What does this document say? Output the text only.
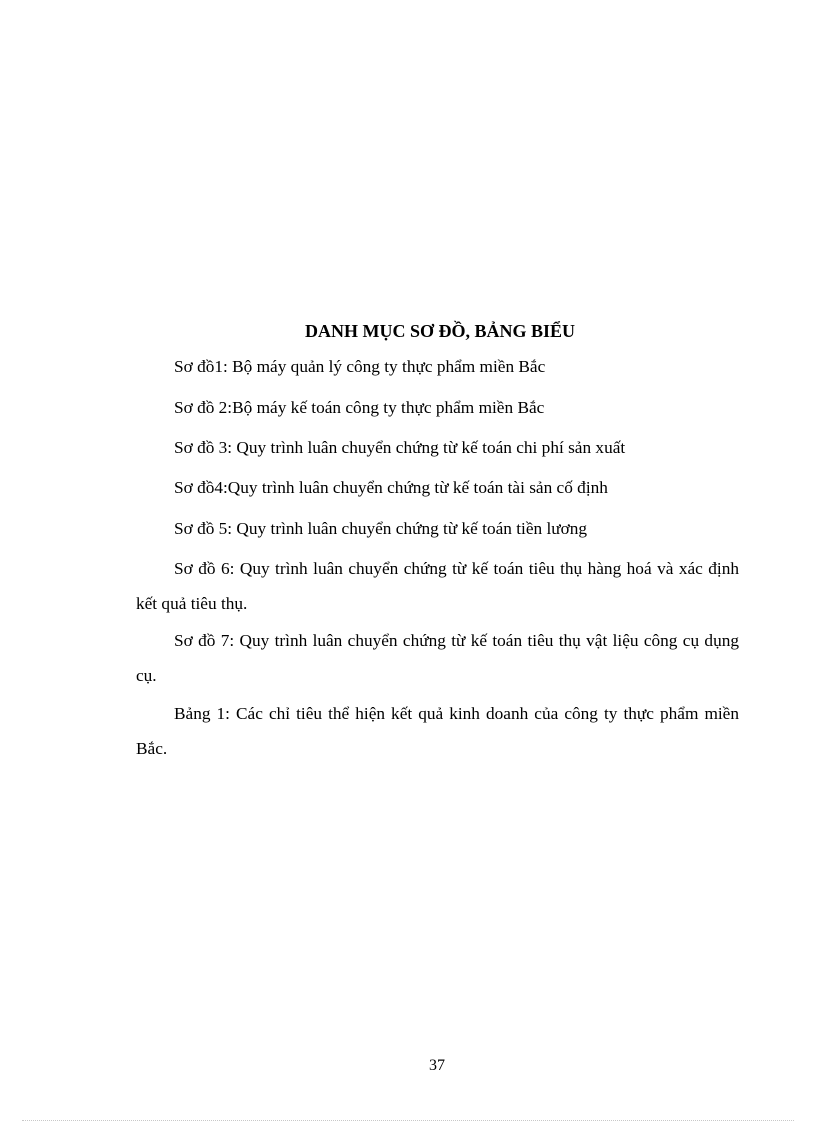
DANH MỤC SƠ ĐỒ, BẢNG BIỂU
Sơ đồ1: Bộ máy quản lý công ty thực phẩm miền Bắc
Sơ đồ 2:Bộ máy kế toán công ty thực phẩm miền Bắc
Sơ đồ 3: Quy trình luân chuyển chứng từ kế toán chi phí sản xuất
Sơ đồ4:Quy trình luân chuyển chứng từ kế toán tài sản cố định
Sơ đồ 5: Quy trình luân chuyển chứng từ kế toán tiền lương
Sơ đồ 6: Quy trình luân chuyển chứng từ kế toán tiêu thụ hàng hoá và xác định kết quả tiêu thụ.
Sơ đồ 7: Quy trình luân chuyển chứng từ kế toán tiêu thụ vật liệu công cụ dụng cụ.
Bảng 1: Các chỉ tiêu thể hiện kết quả kinh doanh của công ty thực phẩm miền Bắc.
37
